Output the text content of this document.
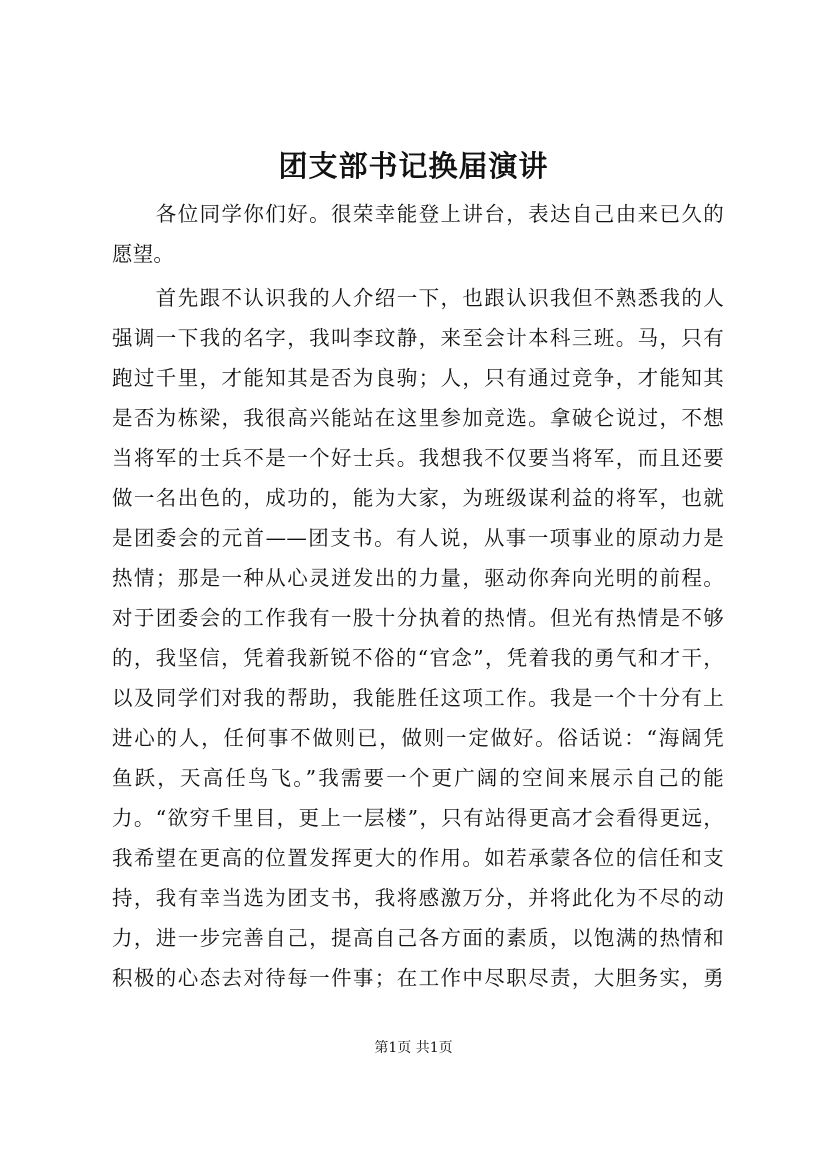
团支部书记换届演讲
　　各位同学你们好。很荣幸能登上讲台，表达自己由来已久的
愿望。
　　首先跟不认识我的人介绍一下，也跟认识我但不熟悉我的人
强调一下我的名字，我叫李玟静，来至会计本科三班。马，只有
跑过千里，才能知其是否为良驹；人，只有通过竞争，才能知其
是否为栋梁，我很高兴能站在这里参加竞选。拿破仑说过，不想
当将军的士兵不是一个好士兵。我想我不仅要当将军，而且还要
做一名出色的，成功的，能为大家，为班级谋利益的将军，也就
是团委会的元首——团支书。有人说，从事一项事业的原动力是
热情；那是一种从心灵迸发出的力量，驱动你奔向光明的前程。
对于团委会的工作我有一股十分执着的热情。但光有热情是不够
的，我坚信，凭着我新锐不俗的“官念”，凭着我的勇气和才干，
以及同学们对我的帮助，我能胜任这项工作。我是一个十分有上
进心的人，任何事不做则已，做则一定做好。俗话说：“海阔凭
鱼跃，天高任鸟飞。”我需要一个更广阔的空间来展示自己的能
力。“欲穷千里目，更上一层楼”，只有站得更高才会看得更远，
我希望在更高的位置发挥更大的作用。如若承蒙各位的信任和支
持，我有幸当选为团支书，我将感激万分，并将此化为不尽的动
力，进一步完善自己，提高自己各方面的素质，以饱满的热情和
积极的心态去对待每一件事；在工作中尽职尽责，大胆务实，勇
第1页 共1页
